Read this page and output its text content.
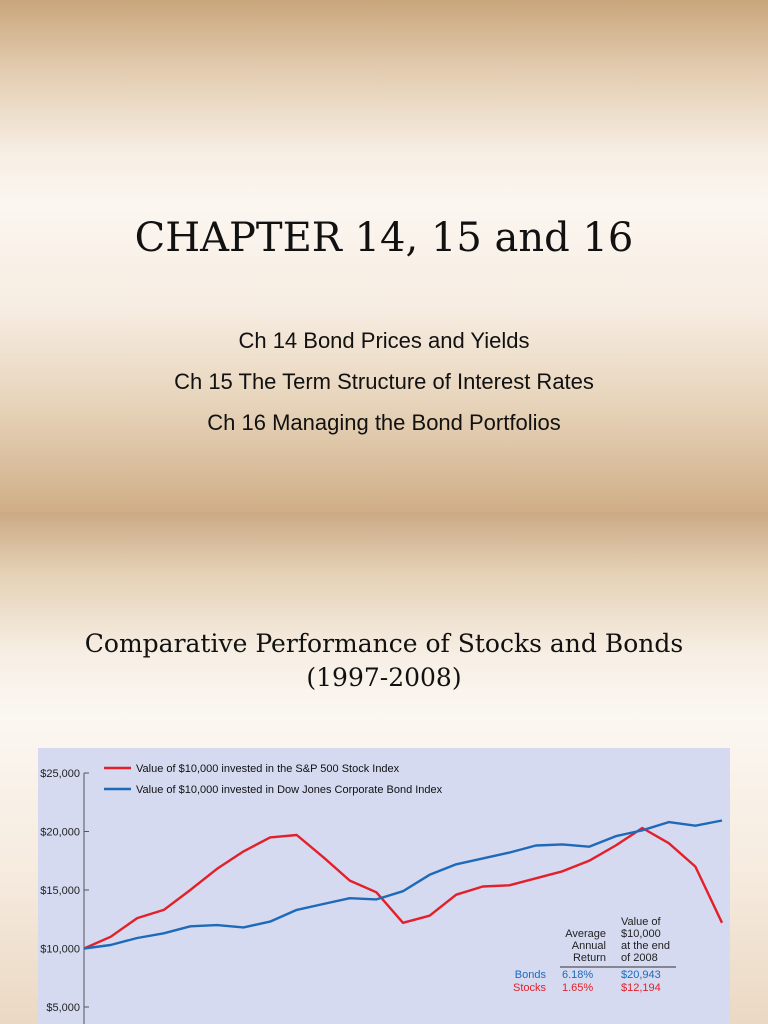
CHAPTER 14, 15 and 16
Ch 14 Bond Prices and Yields
Ch 15 The Term Structure of Interest Rates
Ch 16 Managing the Bond Portfolios
Comparative Performance of Stocks and Bonds
(1997-2008)
$25,000
$20,000
$15,000
$10,000
$5,000
Value of $10,000 invested in the S&P 500 Stock Index
Value of $10,000 invested in Dow Jones Corporate Bond Index
Average
Annual
Return
Value of
$10,000
at the end
of 2008
Bonds 6.18%	$20,943
Stocks 1.65%	$12,194
